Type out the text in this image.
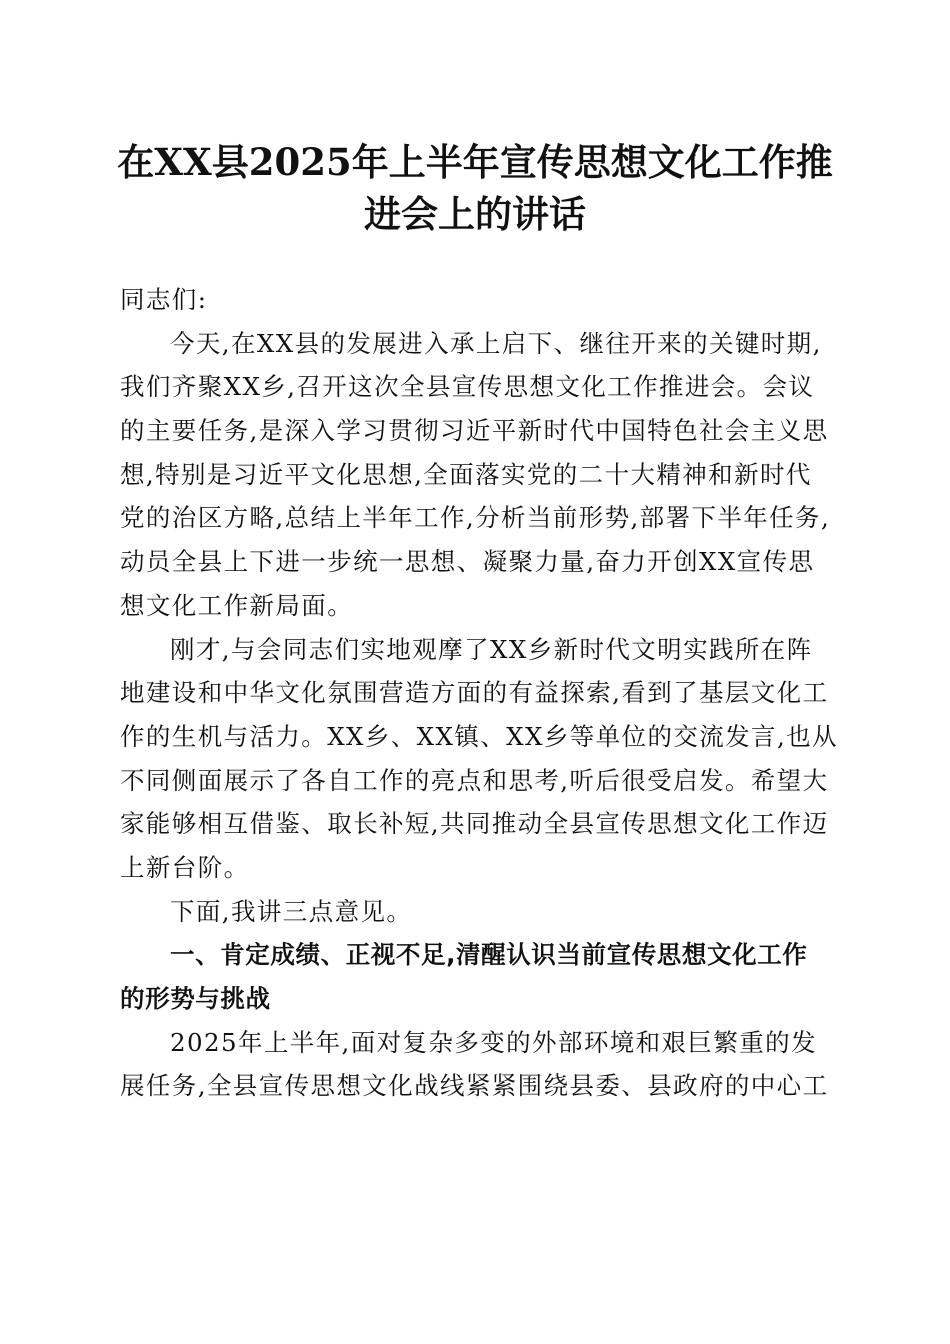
在XX县2025年上半年宣传思想文化工作推
进会上的讲话
同志们:
今天,在XX县的发展进入承上启下、继往开来的关键时期,
我们齐聚XX乡,召开这次全县宣传思想文化工作推进会。会议
的主要任务,是深入学习贯彻习近平新时代中国特色社会主义思
想,特别是习近平文化思想,全面落实党的二十大精神和新时代
党的治区方略,总结上半年工作,分析当前形势,部署下半年任务,
动员全县上下进一步统一思想、凝聚力量,奋力开创XX宣传思
想文化工作新局面。
刚才,与会同志们实地观摩了XX乡新时代文明实践所在阵
地建设和中华文化氛围营造方面的有益探索,看到了基层文化工
作的生机与活力。XX乡、XX镇、XX乡等单位的交流发言,也从
不同侧面展示了各自工作的亮点和思考,听后很受启发。希望大
家能够相互借鉴、取长补短,共同推动全县宣传思想文化工作迈
上新台阶。
下面,我讲三点意见。
一、肯定成绩、正视不足,清醒认识当前宣传思想文化工作
的形势与挑战
2025年上半年,面对复杂多变的外部环境和艰巨繁重的发
展任务,全县宣传思想文化战线紧紧围绕县委、县政府的中心工
